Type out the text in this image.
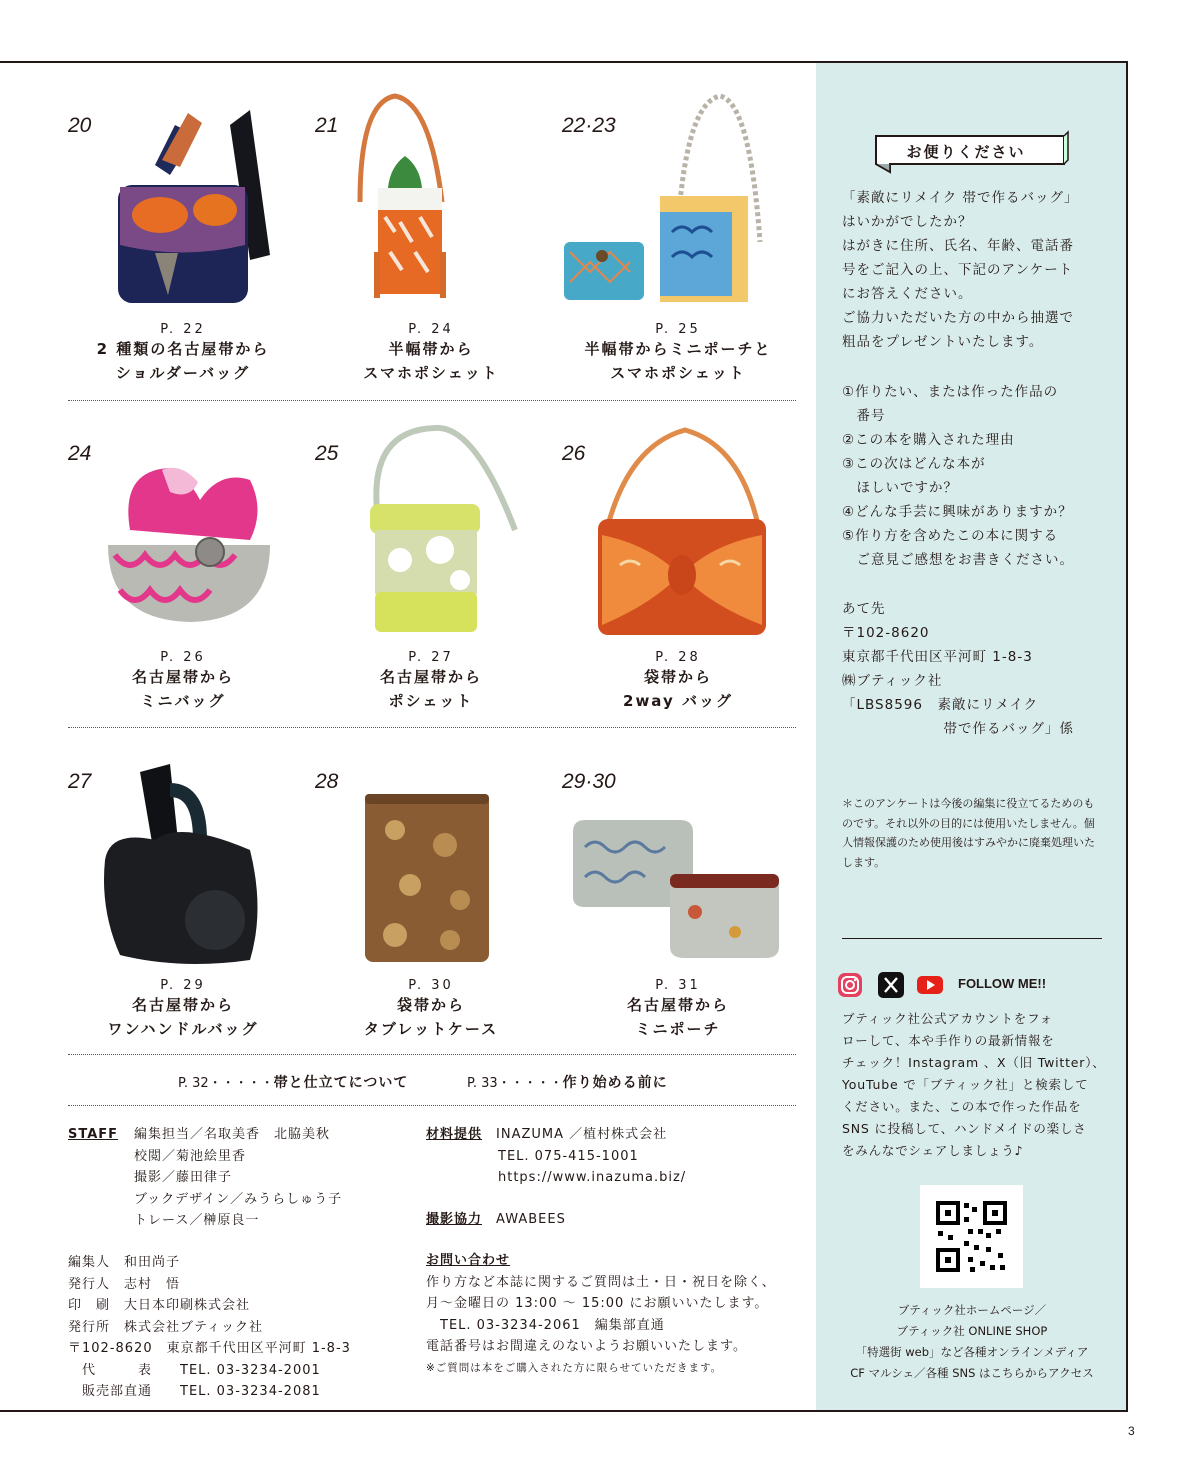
20
P. 22
2 種類の名古屋帯から
ショルダーバッグ
21
P. 24
半幅帯から
スマホポシェット
22·23
P. 25
半幅帯からミニポーチと
スマホポシェット
24
P. 26
名古屋帯から
ミニバッグ
25
P. 27
名古屋帯から
ポシェット
26
P. 28
袋帯から
2way バッグ
27
P. 29
名古屋帯から
ワンハンドルバッグ
28
P. 30
袋帯から
タブレットケース
29·30
P. 31
名古屋帯から
ミニポーチ
P. 32・・・・・帯と仕立てについて	P. 33・・・・・作り始める前に
STAFF 編集担当／名取美香　北脇美秋
校閲／菊池絵里香
撮影／藤田律子
ブックデザイン／みうらしゅう子
トレース／榊原良一
編集人　和田尚子
発行人　志村　悟
印　刷　大日本印刷株式会社
発行所　株式会社ブティック社
〒102-8620　東京都千代田区平河町 1-8-3
　代　　　表　　TEL. 03-3234-2001
　販売部直通　　TEL. 03-3234-2081
材料提供　 INAZUMA ／植村株式会社
TEL. 075-415-1001
https://www.inazuma.biz/
撮影協力　 AWABEES
お問い合わせ
作り方など本誌に関するご質問は土・日・祝日を除く、
月～金曜日の 13:00 ～ 15:00 にお願いいたします。
　TEL. 03-3234-2061　編集部直通
電話番号はお間違えのないようお願いいたします。
※ご質問は本をご購入された方に限らせていただきます。
お便りください
「素敵にリメイク 帯で作るバッグ」
はいかがでしたか？
はがきに住所、氏名、年齢、電話番
号をご記入の上、下記のアンケート
にお答えください。
ご協力いただいた方の中から抽選で
粗品をプレゼントいたします。
①作りたい、または作った作品の
　番号
②この本を購入された理由
③この次はどんな本が
　ほしいですか？
④どんな手芸に興味がありますか？
⑤作り方を含めたこの本に関する
　ご意見ご感想をお書きください。
あて先
〒102-8620
東京都千代田区平河町 1-8-3
㈱ブティック社
「LBS8596　素敵にリメイク
　　　　　　　帯で作るバッグ」係
＊このアンケートは今後の編集に役立てるためのものです。それ以外の目的には使用いたしません。個人情報保護のため使用後はすみやかに廃棄処理いたします。
FOLLOW ME!!
ブティック社公式アカウントをフォ
ローして、本や手作りの最新情報を
チェック！Instagram 、X（旧 Twitter）、
YouTube で「ブティック社」と検索して
ください。また、この本で作った作品を
SNS に投稿して、ハンドメイドの楽しさ
をみんなでシェアしましょう♪
ブティック社ホームページ／
ブティック社 ONLINE SHOP
「特選街 web」など各種オンラインメディア
CF マルシェ／各種 SNS はこちらからアクセス
3
